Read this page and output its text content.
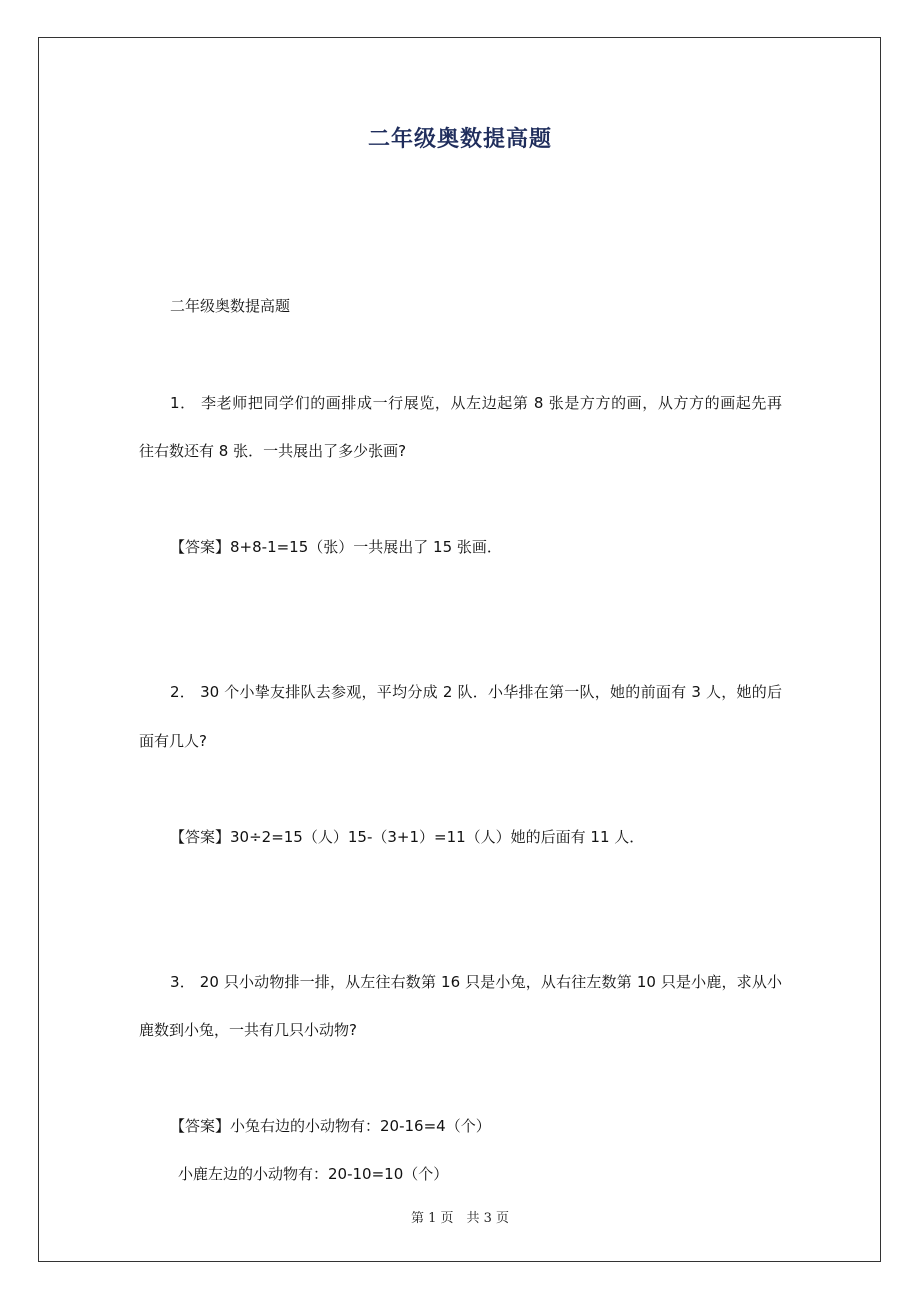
二年级奥数提高题
二年级奥数提高题
1． 李老师把同学们的画排成一行展览，从左边起第 8 张是方方的画，从方方的画起先再
往右数还有 8 张．一共展出了多少张画?
【答案】8+8-1=15（张）一共展出了 15 张画．
2． 30 个小挚友排队去参观，平均分成 2 队．小华排在第一队，她的前面有 3 人，她的后
面有几人?
【答案】30÷2=15（人）15-（3+1）=11（人）她的后面有 11 人．
3． 20 只小动物排一排，从左往右数第 16 只是小兔，从右往左数第 10 只是小鹿，求从小
鹿数到小兔，一共有几只小动物?
【答案】小兔右边的小动物有：20-16=4（个）
小鹿左边的小动物有：20-10=10（个）
第 1 页　共 3 页
